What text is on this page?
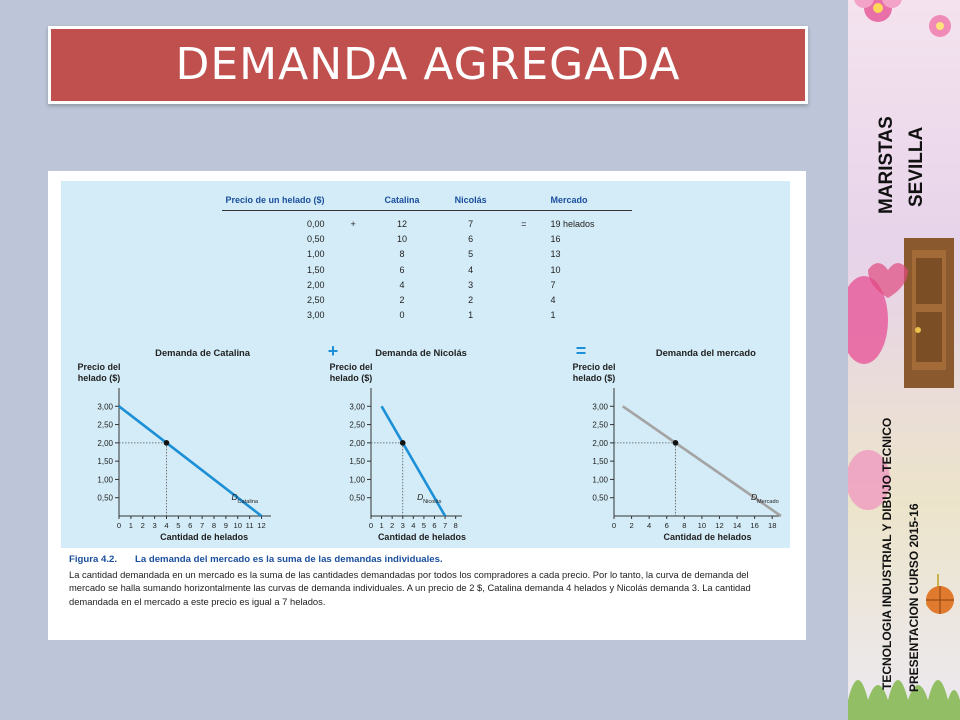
DEMANDA AGREGADA
Precio de un helado ($)		Catalina	Nicolás		Mercado
0,00	+	12	7	=	19 helados
0,50		10	6		16
1,00		8	5		13
1,50		6	4		10
2,00		4	3		7
2,50		2	2		4
3,00		0	1		1
Demanda de Catalina
Precio del
helado ($)
0,50
1,00
1,50
2,00
2,50
3,00
0 1 2 3 4 5 6 7 8 9 10 11 12
Cantidad de helados
D Catalina
+	Demanda de Nicolás
Precio del
helado ($)
0,50
1,00
1,50
2,00
2,50
3,00
0 1 2 3 4 5 6 7 8
Cantidad de helados
D Nicolás
=	Demanda del mercado
Precio del
helado ($)
0,50
1,00
1,50
2,00
2,50
3,00
0 2 4 6 8 10 12 14 16 18
Cantidad de helados
D Mercado
Figura 4.2. La demanda del mercado es la suma de las demandas individuales.
La cantidad demandada en un mercado es la suma de las cantidades demandadas por todos los compradores a cada precio. Por lo tanto, la curva de demanda del mercado se halla sumando horizontalmente las curvas de demanda individuales. A un precio de 2 $, Catalina demanda 4 helados y Nicolás demanda 3. La cantidad demandada en el mercado a este precio es igual a 7 helados.
MARISTAS SEVILLA
TECNOLOGIA INDUSTRIAL Y DIBUJO TECNICO PRESENTACION CURSO 2015-16
